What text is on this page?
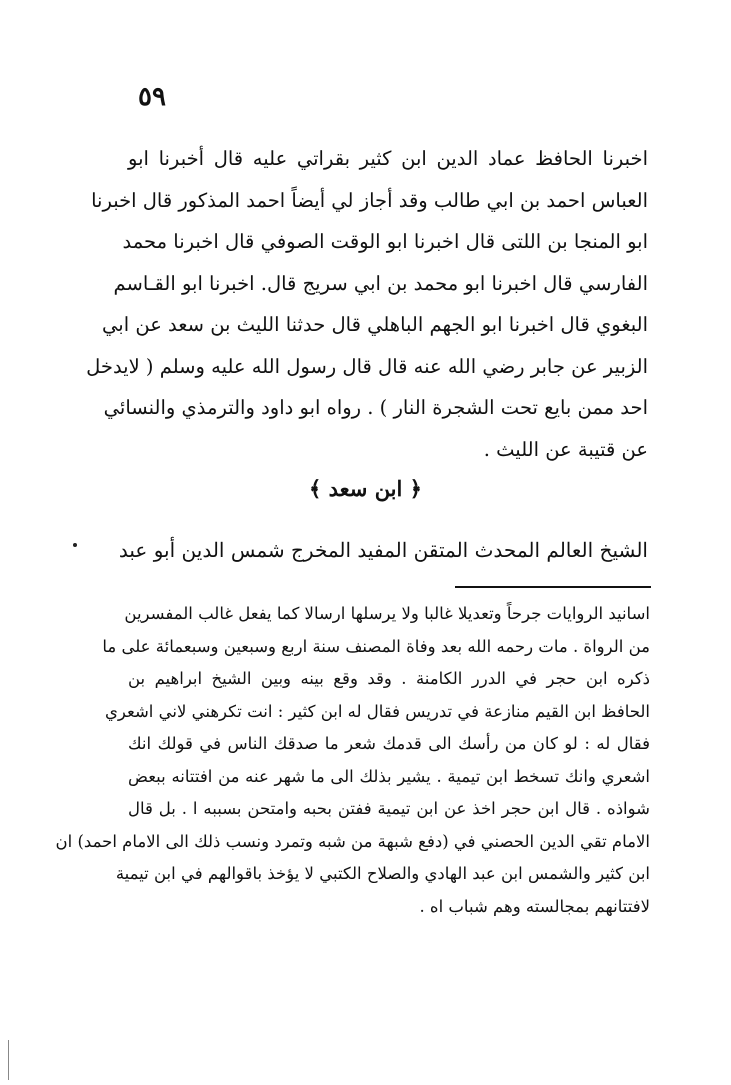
٥٩
اخبرنا الحافظ عماد الدين ابن كثير بقراتي عليه قال أخبرنا ابو
العباس احمد بن ابي طالب وقد أجاز لي أيضاً احمد المذكور قال اخبرنا
ابو المنجا بن اللتى قال اخبرنا ابو الوقت الصوفي قال اخبرنا محمد
الفارسي قال اخبرنا ابو محمد بن ابي سريج قال. اخبرنا ابو القـاسم
البغوي قال اخبرنا ابو الجهم الباهلي قال حدثنا الليث بن سعد عن ابي
الزبير عن جابر رضي الله عنه قال قال رسول الله عليه وسلم ( لايدخل
احد ممن بايع تحت الشجرة النار ) . رواه ابو داود والترمذي والنسائي
عن قتيبة عن الليث .
﴿ ابن سعد ﴾
الشيخ العالم المحدث المتقن المفيد المخرج شمس الدين أبو عبد
اسانيد الروايات جرحاً وتعديلا غالبا ولا يرسلها ارسالا كما يفعل غالب المفسرين
من الرواة . مات رحمه الله بعد وفاة المصنف سنة اربع وسبعين وسبعمائة على ما
ذكره ابن حجر في الدرر الكامنة . وقد وقع بينه وبين الشيخ ابراهيم بن
الحافظ ابن القيم منازعة في تدريس فقال له ابن كثير : انت تكرهني لاني اشعري
فقال له : لو كان من رأسك الى قدمك شعر ما صدقك الناس في قولك انك
اشعري وانك تسخط ابن تيمية . يشير بذلك الى ما شهر عنه من افتتانه ببعض
شواذه . قال ابن حجر اخذ عن ابن تيمية ففتن بحبه وامتحن بسببه ا . بل قال
الامام تقي الدين الحصني في (دفع شبهة من شبه وتمرد ونسب ذلك الى الامام احمد) ان
ابن كثير والشمس ابن عبد الهادي والصلاح الكتبي لا يؤخذ باقوالهم في ابن تيمية
لافتتانهم بمجالسته وهم شباب اه .
